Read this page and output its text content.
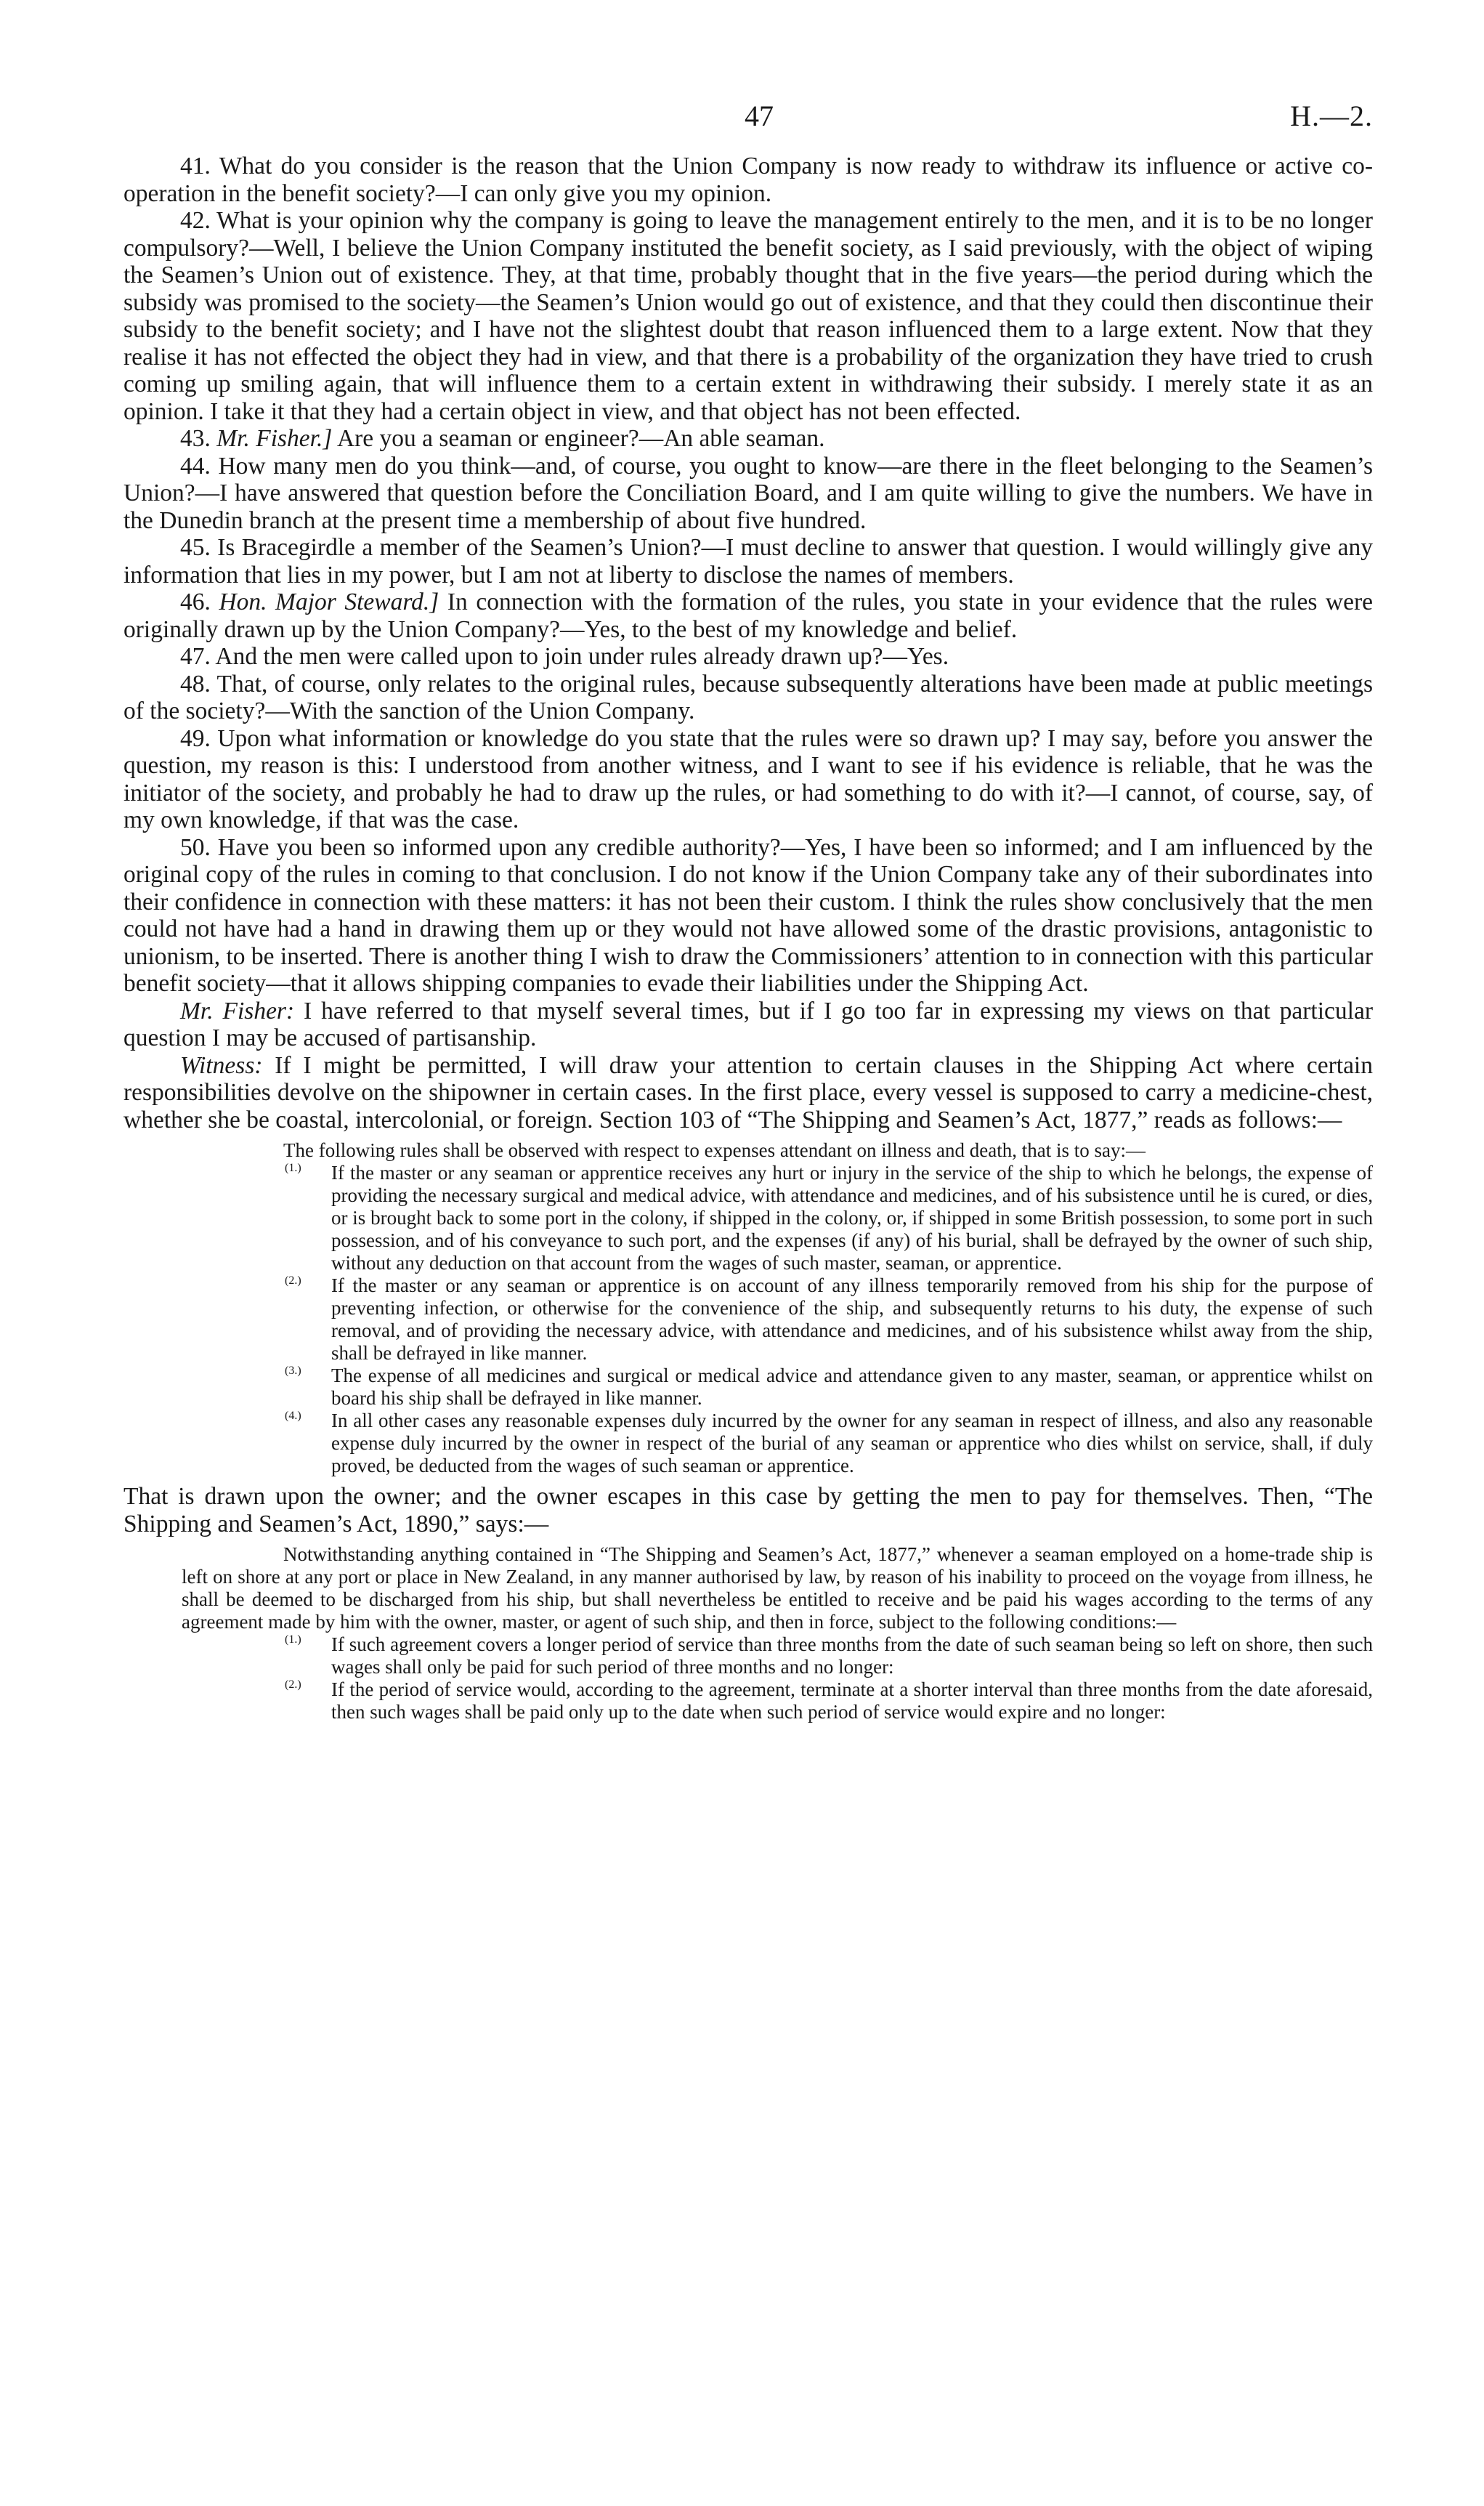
47	H.—2.

41. What do you consider is the reason that the Union Company is now ready to withdraw its influence or active co-operation in the benefit society?—I can only give you my opinion.

42. What is your opinion why the company is going to leave the management entirely to the men, and it is to be no longer compulsory?—Well, I believe the Union Company instituted the benefit society, as I said previously, with the object of wiping the Seamen’s Union out of existence. They, at that time, probably thought that in the five years—the period during which the subsidy was promised to the society—the Seamen’s Union would go out of existence, and that they could then discontinue their subsidy to the benefit society; and I have not the slightest doubt that reason influenced them to a large extent. Now that they realise it has not effected the object they had in view, and that there is a probability of the organization they have tried to crush coming up smiling again, that will influence them to a certain extent in withdrawing their subsidy. I merely state it as an opinion. I take it that they had a certain object in view, and that object has not been effected.

43. Mr. Fisher.] Are you a seaman or engineer?—An able seaman.

44. How many men do you think—and, of course, you ought to know—are there in the fleet belonging to the Seamen’s Union?—I have answered that question before the Conciliation Board, and I am quite willing to give the numbers. We have in the Dunedin branch at the present time a membership of about five hundred.

45. Is Bracegirdle a member of the Seamen’s Union?—I must decline to answer that question. I would willingly give any information that lies in my power, but I am not at liberty to disclose the names of members.

46. Hon. Major Steward.] In connection with the formation of the rules, you state in your evidence that the rules were originally drawn up by the Union Company?—Yes, to the best of my knowledge and belief.

47. And the men were called upon to join under rules already drawn up?—Yes.

48. That, of course, only relates to the original rules, because subsequently alterations have been made at public meetings of the society?—With the sanction of the Union Company.

49. Upon what information or knowledge do you state that the rules were so drawn up? I may say, before you answer the question, my reason is this: I understood from another witness, and I want to see if his evidence is reliable, that he was the initiator of the society, and probably he had to draw up the rules, or had something to do with it?—I cannot, of course, say, of my own knowledge, if that was the case.

50. Have you been so informed upon any credible authority?—Yes, I have been so informed; and I am influenced by the original copy of the rules in coming to that conclusion. I do not know if the Union Company take any of their subordinates into their confidence in connection with these matters: it has not been their custom. I think the rules show conclusively that the men could not have had a hand in drawing them up or they would not have allowed some of the drastic provisions, antagonistic to unionism, to be inserted. There is another thing I wish to draw the Commissioners’ attention to in connection with this particular benefit society—that it allows shipping companies to evade their liabilities under the Shipping Act.

Mr. Fisher: I have referred to that myself several times, but if I go too far in expressing my views on that particular question I may be accused of partisanship.

Witness: If I might be permitted, I will draw your attention to certain clauses in the Shipping Act where certain responsibilities devolve on the shipowner in certain cases. In the first place, every vessel is supposed to carry a medicine-chest, whether she be coastal, intercolonial, or foreign. Section 103 of “The Shipping and Seamen’s Act, 1877,” reads as follows:—

The following rules shall be observed with respect to expenses attendant on illness and death, that is to say:—

(1.)	If the master or any seaman or apprentice receives any hurt or injury in the service of the ship to which he belongs, the expense of providing the necessary surgical and medical advice, with attendance and medicines, and of his subsistence until he is cured, or dies, or is brought back to some port in the colony, if shipped in the colony, or, if shipped in some British possession, to some port in such possession, and of his conveyance to such port, and the expenses (if any) of his burial, shall be defrayed by the owner of such ship, without any deduction on that account from the wages of such master, seaman, or apprentice.

(2.)	If the master or any seaman or apprentice is on account of any illness temporarily removed from his ship for the purpose of preventing infection, or otherwise for the convenience of the ship, and subsequently returns to his duty, the expense of such removal, and of providing the necessary advice, with attendance and medicines, and of his subsistence whilst away from the ship, shall be defrayed in like manner.

(3.)	The expense of all medicines and surgical or medical advice and attendance given to any master, seaman, or apprentice whilst on board his ship shall be defrayed in like manner.

(4.)	In all other cases any reasonable expenses duly incurred by the owner for any seaman in respect of illness, and also any reasonable expense duly incurred by the owner in respect of the burial of any seaman or apprentice who dies whilst on service, shall, if duly proved, be deducted from the wages of such seaman or apprentice.

That is drawn upon the owner; and the owner escapes in this case by getting the men to pay for themselves. Then, “The Shipping and Seamen’s Act, 1890,” says:—

Notwithstanding anything contained in “The Shipping and Seamen’s Act, 1877,” whenever a seaman employed on a home-trade ship is left on shore at any port or place in New Zealand, in any manner authorised by law, by reason of his inability to proceed on the voyage from illness, he shall be deemed to be discharged from his ship, but shall nevertheless be entitled to receive and be paid his wages according to the terms of any agreement made by him with the owner, master, or agent of such ship, and then in force, subject to the following conditions:—

(1.)	If such agreement covers a longer period of service than three months from the date of such seaman being so left on shore, then such wages shall only be paid for such period of three months and no longer:

(2.)	If the period of service would, according to the agreement, terminate at a shorter interval than three months from the date aforesaid, then such wages shall be paid only up to the date when such period of service would expire and no longer:
